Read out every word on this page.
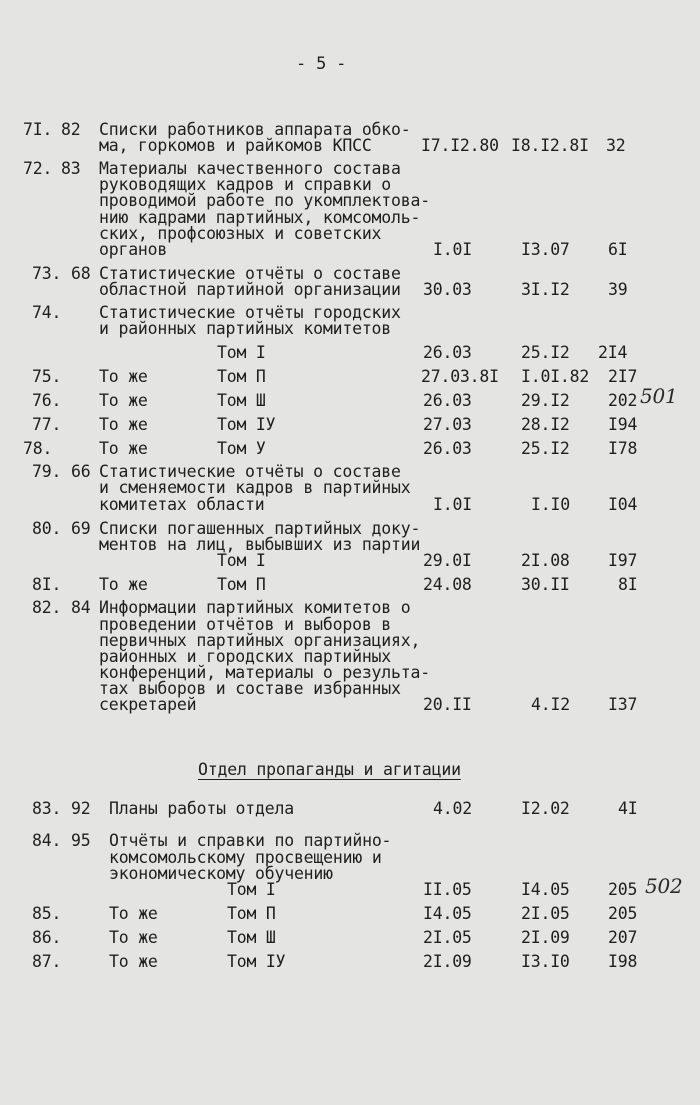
- 5 -
7I. 82 Списки работников аппарата обко-
ма, горкомов и райкомов КПСС	I7.I2.80 I8.I2.8I 32
72. 83 Материалы качественного состава
руководящих кадров и справки о
проводимой работе по укомплектова-
нию кадрами партийных, комсомоль-
ских, профсоюзных и советских
органов	I.0I	I3.07 6I
73. 68 Статистические отчёты о составе
областной партийной организации 30.03	3I.I2 39
74. Статистические отчёты городских
и районных партийных комитетов
Том I	26.03	25.I2 2I4
75. То же	Том П	27.03.8I I.0I.82 2I7
76. То же	Том Ш	26.03	29.I2 202 501
77. То же	Том IУ	27.03	28.I2 I94
78.	То же	Том У	26.03	25.I2 I78
79. 66 Статистические отчёты о составе
и сменяемости кадров в партийных
комитетах области	I.0I	I.I0 I04
80. 69 Списки погашенных партийных доку-
ментов на лиц, выбывших из партии
Том I	29.0I	2I.08 I97
8I. То же	Том П	24.08	30.II	8I
82. 84 Информации партийных комитетов о
проведении отчётов и выборов в
первичных партийных организациях,
районных и городских партийных
конференций, материалы о результа-
тах выборов и составе избранных
секретарей	20.II	4.I2 I37
Отдел пропаганды и агитации
83. 92 Планы работы отдела	4.02	I2.02	4I
84. 95 Отчёты и справки по партийно-
комсомольскому просвещению и
экономическому обучению
Том I	II.05	I4.05 205 502
85.	То же	Том П	I4.05	2I.05 205
86.	То же	Том Ш	2I.05	2I.09 207
87.	То же	Том IУ	2I.09	I3.I0 I98
